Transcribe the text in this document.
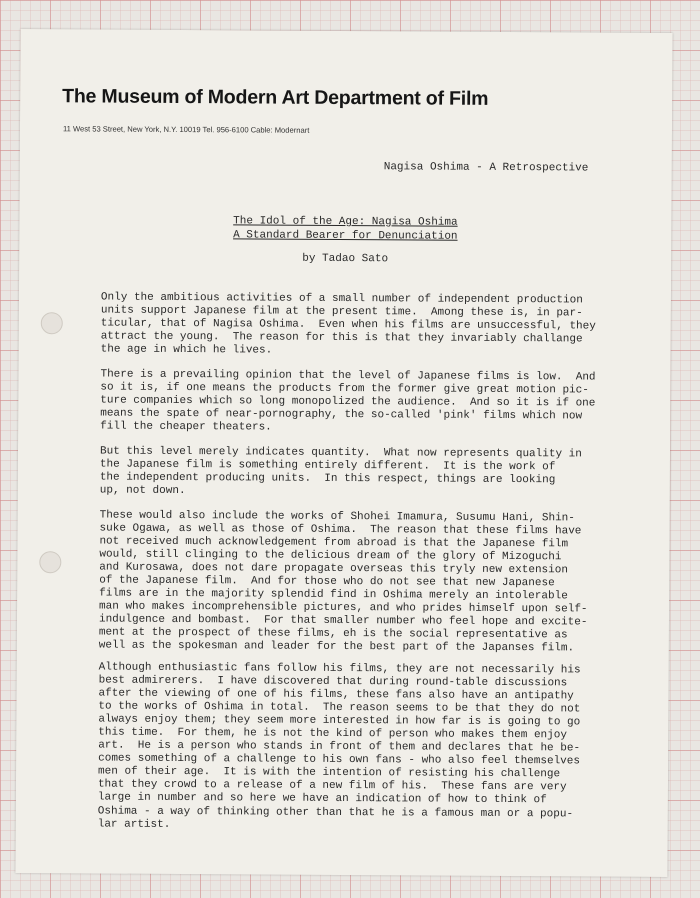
The Museum of Modern Art Department of Film
11 West 53 Street, New York, N.Y. 10019 Tel. 956-6100 Cable: Modernart
Nagisa Oshima - A Retrospective
The Idol of the Age: Nagisa Oshima
A Standard Bearer for Denunciation
by Tadao Sato

Only the ambitious activities of a small number of independent production
units support Japanese film at the present time.  Among these is, in par-
ticular, that of Nagisa Oshima.  Even when his films are unsuccessful, they
attract the young.  The reason for this is that they invariably challange
the age in which he lives.

There is a prevailing opinion that the level of Japanese films is low.  And
so it is, if one means the products from the former give great motion pic-
ture companies which so long monopolized the audience.  And so it is if one
means the spate of near-pornography, the so-called 'pink' films which now
fill the cheaper theaters.

But this level merely indicates quantity.  What now represents quality in
the Japanese film is something entirely different.  It is the work of
the independent producing units.  In this respect, things are looking
up, not down.

These would also include the works of Shohei Imamura, Susumu Hani, Shin-
suke Ogawa, as well as those of Oshima.  The reason that these films have
not received much acknowledgement from abroad is that the Japanese film
would, still clinging to the delicious dream of the glory of Mizoguchi
and Kurosawa, does not dare propagate overseas this tryly new extension
of the Japanese film.  And for those who do not see that new Japanese
films are in the majority splendid find in Oshima merely an intolerable
man who makes incomprehensible pictures, and who prides himself upon self-
indulgence and bombast.  For that smaller number who feel hope and excite-
ment at the prospect of these films, eh is the social representative as
well as the spokesman and leader for the best part of the Japanses film.

Although enthusiastic fans follow his films, they are not necessarily his
best admirerers.  I have discovered that during round-table discussions
after the viewing of one of his films, these fans also have an antipathy
to the works of Oshima in total.  The reason seems to be that they do not
always enjoy them; they seem more interested in how far is is going to go
this time.  For them, he is not the kind of person who makes them enjoy
art.  He is a person who stands in front of them and declares that he be-
comes something of a challenge to his own fans - who also feel themselves
men of their age.  It is with the intention of resisting his challenge
that they crowd to a release of a new film of his.  These fans are very
large in number and so here we have an indication of how to think of
Oshima - a way of thinking other than that he is a famous man or a popu-
lar artist.
